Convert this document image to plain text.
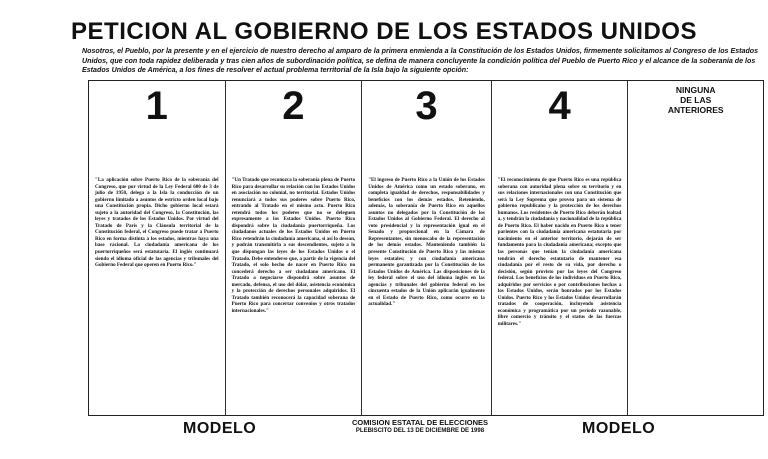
PETICION AL GOBIERNO DE LOS ESTADOS UNIDOS
Nosotros, el Pueblo, por la presente y en el ejercicio de nuestro derecho al amparo de la primera enmienda a la Constitución de los Estados Unidos, firmemente solicitamos al Congreso de los Estados Unidos, que con toda rapidez deliberada y tras cien años de subordinación política, se defina de manera concluyente la condición política del Pueblo de Puerto Rico y el alcance de la soberanía de los Estados Unidos de América, a los fines de resolver el actual problema territorial de la Isla bajo la siguiente opción:
1
"La aplicación sobre Puerto Rico de la soberanía del Congreso, que por virtud de la Ley Federal 600 de 3 de julio de 1950, delega a la Isla la conducción de un gobierno limitado a asuntos de estricto orden local bajo una Constitución propia. Dicho gobierno local estará sujeto a la autoridad del Congreso, la Constitución, las leyes y tratados de los Estados Unidos. Por virtud del Tratado de París y la Cláusula territorial de la Constitución federal, el Congreso puede tratar a Puerto Rico en forma distinta a los estados, mientras haya una base racional. La ciudadanía americana de los puertorriqueños será estatutaria. El inglés continuará siendo el idioma oficial de las agencias y tribunales del Gobierno Federal que operen en Puerto Rico."
2
"Un Tratado que reconozca la soberanía plena de Puerto Rico para desarrollar su relación con los Estados Unidos en asociación no colonial, no territorial. Estados Unidos renunciará a todos sus poderes sobre Puerto Rico, entrando al Tratado en el mismo acto. Puerto Rico retendrá todos los poderes que no se deleguen expresamente a los Estados Unidos. Puerto Rico dispondrá sobre la ciudadanía puertorriqueña. Los ciudadanos actuales de los Estados Unidos en Puerto Rico retendrán la ciudadanía americana, si así lo desean, y podrán transmitirla a sus descendientes, sujeto a lo que dispongan las leyes de los Estados Unidos o el Tratado. Debe entenderse que, a partir de la vigencia del Tratado, el solo hecho de nacer en Puerto Rico no concederá derecho a ser ciudadano americano. El Tratado a negociarse dispondrá sobre asuntos de mercado, defensa, el uso del dólar, asistencia económica y la protección de derechos personales adquiridos. El Tratado también reconocerá la capacidad soberana de Puerto Rico para concertar convenios y otros tratados internacionales."
3
"El ingreso de Puerto Rico a la Unión de los Estados Unidos de América como un estado soberano, en completa igualdad de derechos, responsabilidades y beneficios con los demás estados. Reteniendo, además, la soberanía de Puerto Rico en aquellos asuntos no delegados por la Constitución de los Estados Unidos al Gobierno Federal. El derecho al voto presidencial y la representación igual en el Senado y proporcional en la Cámara de Representantes, sin menoscabo de la representación de los demás estados. Manteniendo también la presente Constitución de Puerto Rico y las mismas leyes estatales; y con ciudadanía americana permanente garantizada por la Constitución de los Estados Unidos de América. Las disposiciones de la ley federal sobre el uso del idioma inglés en las agencias y tribunales del gobierno federal en los cincuenta estados de la Unión aplicarán igualmente en el Estado de Puerto Rico, como ocurre en la actualidad."
4
"El reconocimiento de que Puerto Rico es una república soberana con autoridad plena sobre su territorio y en sus relaciones internacionales con una Constitución que será la Ley Suprema que provea para un sistema de gobierno republicano y la protección de los derechos humanos. Los residentes de Puerto Rico deberán lealtad a, y tendrán la ciudadanía y nacionalidad de la república de Puerto Rico. El haber nacido en Puerto Rico o tener parientes con la ciudadanía americana estatutaria por nacimiento en el anterior territorio, dejarán de ser fundamento para la ciudadanía americana; excepto que las personas que tenían la ciudadanía americana tendrán el derecho estatutario de mantener esa ciudadanía por el resto de su vida, por derecho o decisión, según provisto por las leyes del Congreso federal. Los beneficios de los individuos en Puerto Rico, adquiridos por servicios o por contribuciones hechas a los Estados Unidos, serán honrados por los Estados Unidos. Puerto Rico y los Estados Unidos desarrollarán tratados de cooperación, incluyendo asistencia económica y programática por un período razonable, libre comercio y tránsito y el status de las fuerzas militares."
NINGUNA
DE LAS
ANTERIORES
MODELO	COMISION ESTATAL DE ELECCIONES
PLEBISCITO DEL 13 DE DICIEMBRE DE 1998	MODELO
